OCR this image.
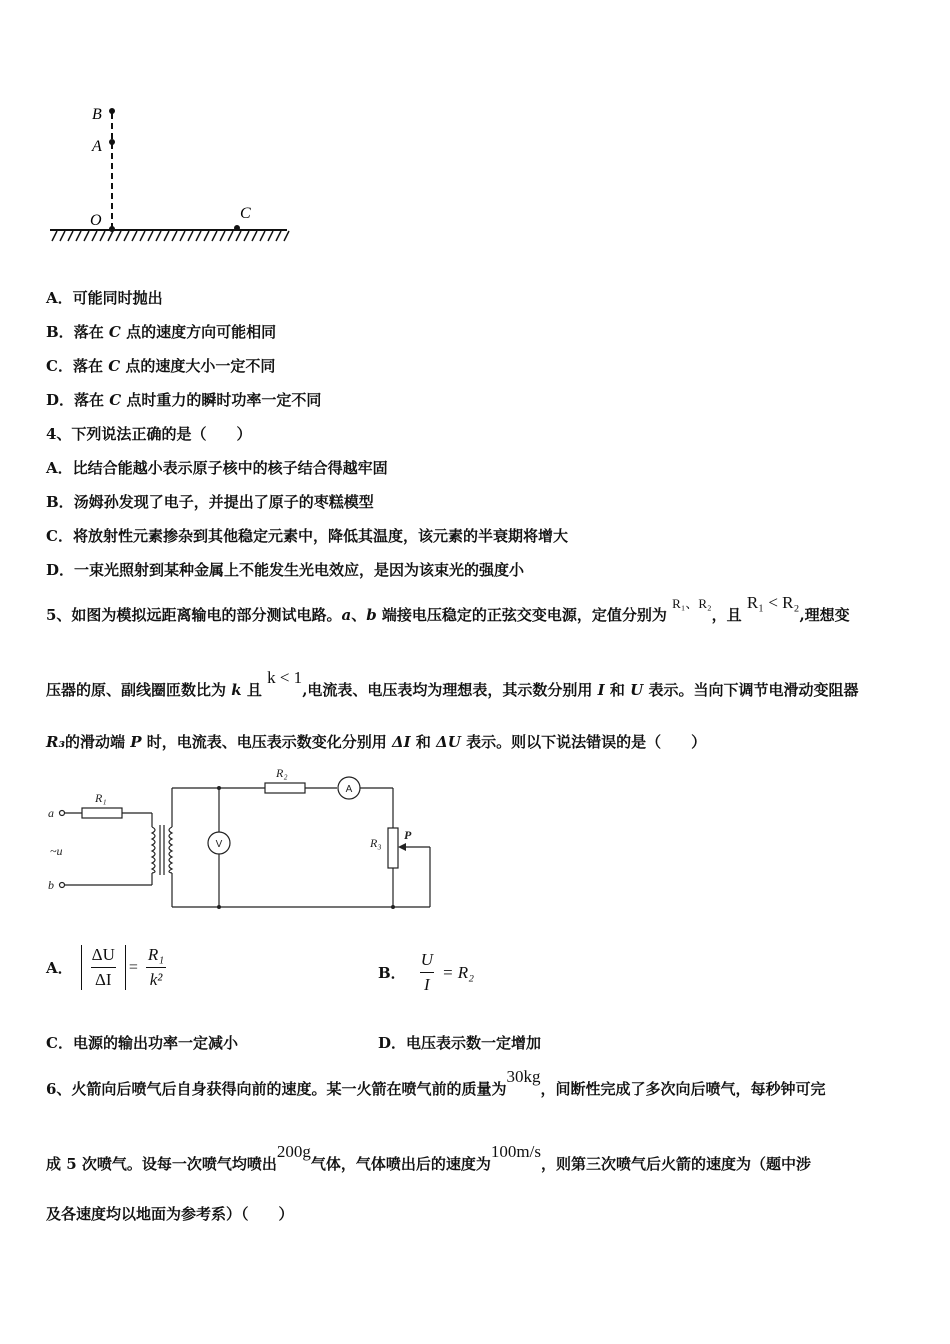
B
A
O	C
A．可能同时抛出
B．落在 C 点的速度方向可能相同
C．落在 C 点的速度大小一定不同
D．落在 C 点时重力的瞬时功率一定不同
4、下列说法正确的是（　　）
A．比结合能越小表示原子核中的核子结合得越牢固
B．汤姆孙发现了电子，并提出了原子的枣糕模型
C．将放射性元素掺杂到其他稳定元素中，降低其温度，该元素的半衰期将增大
D．一束光照射到某种金属上不能发生光电效应，是因为该束光的强度小
5、如图为模拟远距离输电的部分测试电路。a、b 端接电压稳定的正弦交变电源，定值分别为 R₁、R₂，且 R₁ < R₂,理想变
压器的原、副线圈匝数比为 k 且 k < 1,电流表、电压表均为理想表，其示数分别用 I 和 U 表示。当向下调节电滑动变阻器
R₃的滑动端 P 时，电流表、电压表示数变化分别用 ΔI 和 ΔU 表示。则以下说法错误的是（　　）
a
~u
b
R₁
R₂
R₃
P
A
V
A． $\frac{\Delta U}{\Delta I} = \frac{\text{R₁}}{\text{k²}}$	B． $\frac{U}{I} = R_2$
C．电源的输出功率一定减小	D．电压表示数一定增加
6、火箭向后喷气后自身获得向前的速度。某一火箭在喷气前的质量为30kg，间断性完成了多次向后喷气，每秒钟可完
成 5 次喷气。设每一次喷气均喷出200g气体，气体喷出后的速度为100m/s，则第三次喷气后火箭的速度为（题中涉
及各速度均以地面为参考系）（　　）
